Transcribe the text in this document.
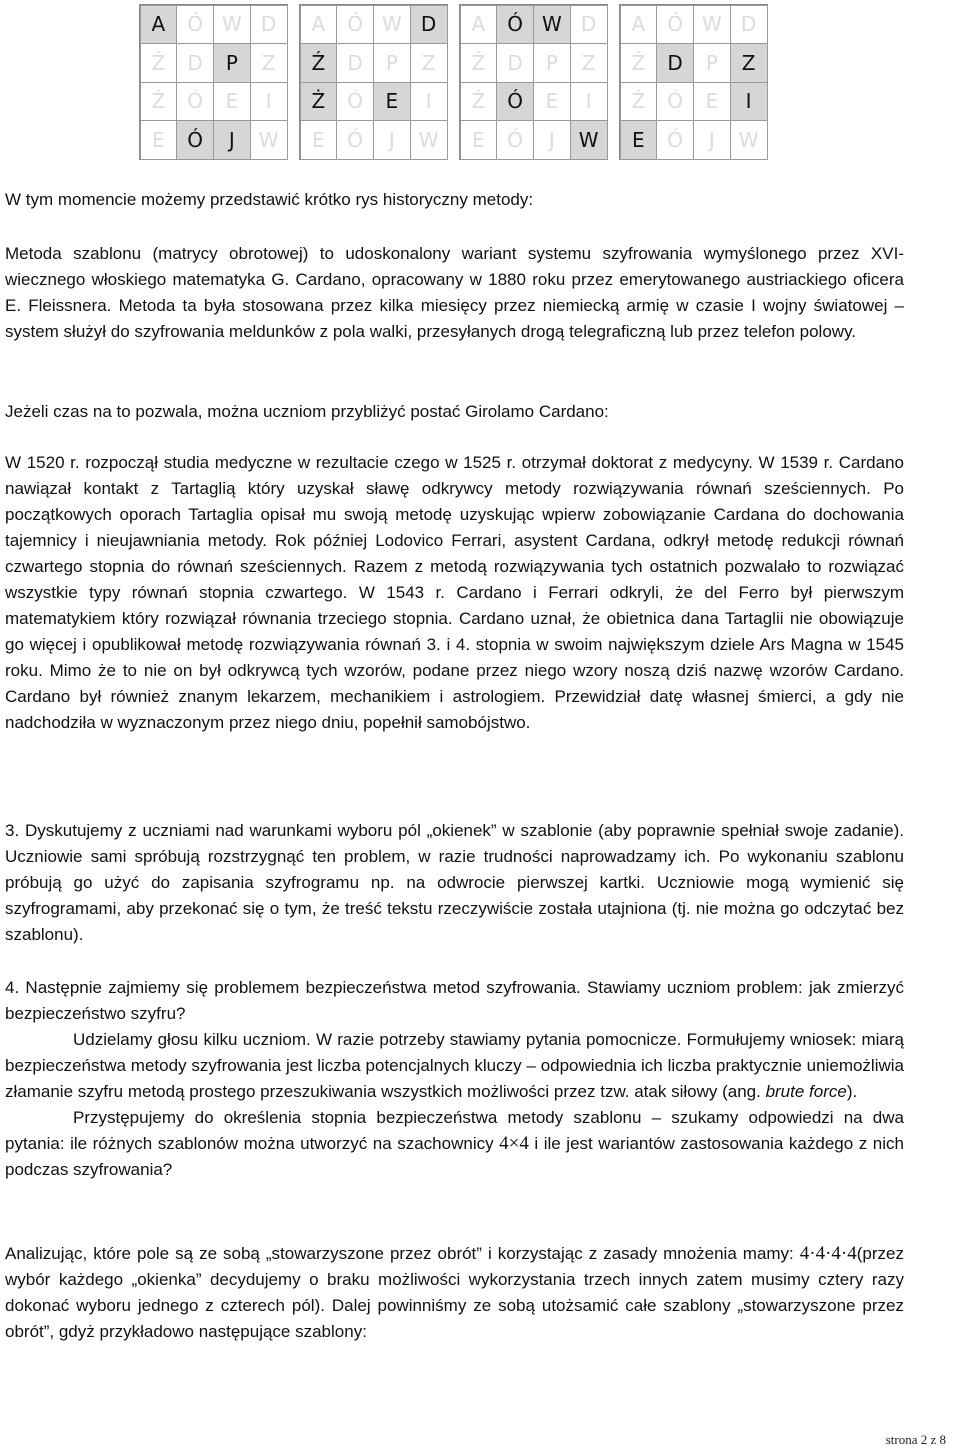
A	Ó W D
Ź	D	P	Z
Ż	Ó	E	I
E	Ó	J	W
A	Ó W D
Ź	D	P	Z
Ż	Ó	E	I
E	Ó	J	W
A	Ó W D
Ź	D	P	Z
Ż	Ó	E	I
E	Ó	J	W
A	Ó W D
Ź	D	P	Z
Ż	Ó	E	I
E	Ó	J	W

W tym momencie możemy przedstawić krótko rys historyczny metody:

Metoda szablonu (matrycy obrotowej) to udoskonalony wariant systemu szyfrowania wymyślonego przez XVI-wiecznego włoskiego matematyka G. Cardano, opracowany w 1880 roku przez emerytowanego austriackiego oficera E. Fleissnera. Metoda ta była stosowana przez kilka miesięcy przez niemiecką armię w czasie I wojny światowej – system służył do szyfrowania meldunków z pola walki, przesyłanych drogą telegraficzną lub przez telefon polowy.

Jeżeli czas na to pozwala, można uczniom przybliżyć postać Girolamo Cardano:

W 1520 r. rozpoczął studia medyczne w rezultacie czego w 1525 r. otrzymał doktorat z medycyny. W 1539 r. Cardano nawiązał kontakt z Tartaglią który uzyskał sławę odkrywcy metody rozwiązywania równań sześciennych. Po początkowych oporach Tartaglia opisał mu swoją metodę uzyskując wpierw zobowiązanie Cardana do dochowania tajemnicy i nieujawniania metody. Rok później Lodovico Ferrari, asystent Cardana, odkrył metodę redukcji równań czwartego stopnia do równań sześciennych. Razem z metodą rozwiązywania tych ostatnich pozwalało to rozwiązać wszystkie typy równań stopnia czwartego. W 1543 r. Cardano i Ferrari odkryli, że del Ferro był pierwszym matematykiem który rozwiązał równania trzeciego stopnia. Cardano uznał, że obietnica dana Tartaglii nie obowiązuje go więcej i opublikował metodę rozwiązywania równań 3. i 4. stopnia w swoim największym dziele Ars Magna w 1545 roku. Mimo że to nie on był odkrywcą tych wzorów, podane przez niego wzory noszą dziś nazwę wzorów Cardano. Cardano był również znanym lekarzem, mechanikiem i astrologiem. Przewidział datę własnej śmierci, a gdy nie nadchodziła w wyznaczonym przez niego dniu, popełnił samobójstwo.

3. Dyskutujemy z uczniami nad warunkami wyboru pól „okienek” w szablonie (aby poprawnie spełniał swoje zadanie). Uczniowie sami spróbują rozstrzygnąć ten problem, w razie trudności naprowadzamy ich. Po wykonaniu szablonu próbują go użyć do zapisania szyfrogramu np. na odwrocie pierwszej kartki. Uczniowie mogą wymienić się szyfrogramami, aby przekonać się o tym, że treść tekstu rzeczywiście została utajniona (tj. nie można go odczytać bez szablonu).

4. Następnie zajmiemy się problemem bezpieczeństwa metod szyfrowania. Stawiamy uczniom problem: jak zmierzyć bezpieczeństwo szyfru?

Udzielamy głosu kilku uczniom. W razie potrzeby stawiamy pytania pomocnicze. Formułujemy wniosek: miarą bezpieczeństwa metody szyfrowania jest liczba potencjalnych kluczy – odpowiednia ich liczba praktycznie uniemożliwia złamanie szyfru metodą prostego przeszukiwania wszystkich możliwości przez tzw. atak siłowy (ang. brute force).

Przystępujemy do określenia stopnia bezpieczeństwa metody szablonu – szukamy odpowiedzi na dwa pytania: ile różnych szablonów można utworzyć na szachownicy 4×4 i ile jest wariantów zastosowania każdego z nich podczas szyfrowania?

Analizując, które pole są ze sobą „stowarzyszone przez obrót” i korzystając z zasady mnożenia mamy: 4·4·4·4(przez wybór każdego „okienka” decydujemy o braku możliwości wykorzystania trzech innych zatem musimy cztery razy dokonać wyboru jednego z czterech pól). Dalej powinniśmy ze sobą utożsamić całe szablony „stowarzyszone przez obrót”, gdyż przykładowo następujące szablony:

strona 2 z 8
